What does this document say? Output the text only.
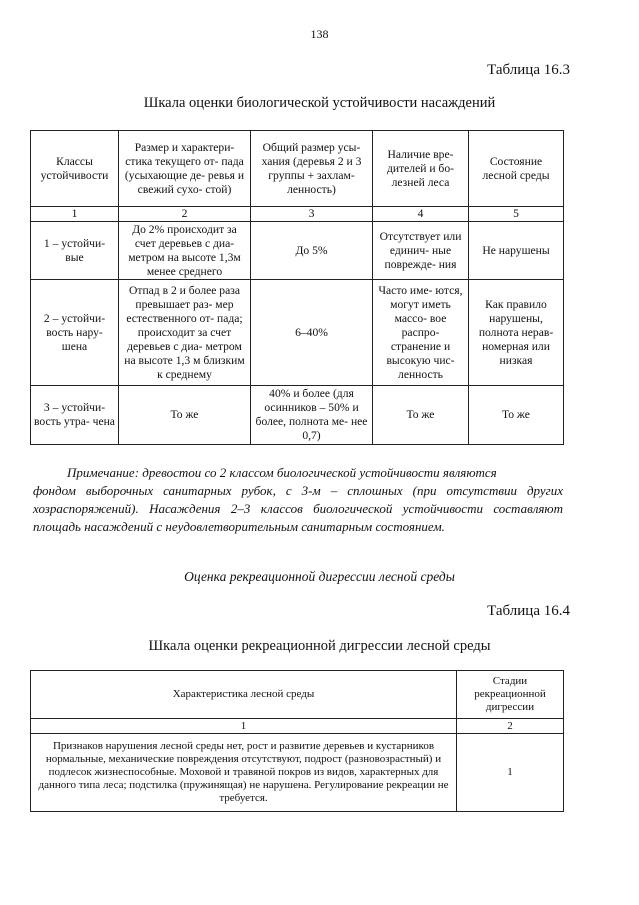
138
Таблица 16.3
Шкала оценки биологической устойчивости насаждений
Классы устойчивости	Размер и характери- стика текущего от- пада (усыхающие де- ревья и свежий сухо- стой)	Общий размер усы- хания (деревья 2 и 3 группы + захлам- ленность)	Наличие вре- дителей и бо- лезней леса	Состояние лесной среды
1	2	3	4	5
1 – устойчи- вые	До 2% происходит за счет деревьев с диа- метром на высоте 1,3м менее среднего	До 5%	Отсутствует или единич- ные поврежде- ния	Не нарушены
2 – устойчи- вость нару- шена	Отпад в 2 и более раза превышает раз- мер естественного от- пада; происходит за счет деревьев с диа- метром на высоте 1,3 м близким к среднему	6–40%	Часто име- ются, могут иметь массо- вое распро- странение и высокую чис- ленность	Как правило нарушены, полнота нерав- номерная или низкая
3 – устойчи- вость утра- чена	То же	40% и более (для осинников – 50% и более, полнота ме- нее 0,7)	То же	То же
Примечание: древостои со 2 классом биологической устойчивости являются
фондом выборочных санитарных рубок, с 3-м – сплошных (при отсутствии других хозраспоряжений). Насаждения 2–3 классов биологической устойчивости составляют площадь насаждений с неудовлетворительным санитарным состоянием.
Оценка рекреационной дигрессии лесной среды
Таблица 16.4
Шкала оценки рекреационной дигрессии лесной среды
Характеристика лесной среды	Стадии рекреационной дигрессии
1	2
Признаков нарушения лесной среды нет, рост и развитие деревьев и кустарников нормальные, механические повреждения отсутствуют, подрост (разновозрастный) и подлесок жизнеспособные. Моховой и травяной покров из видов, характерных для данного типа леса; подстилка (пружинящая) не нарушена. Регулирование рекреации не требуется.	1
